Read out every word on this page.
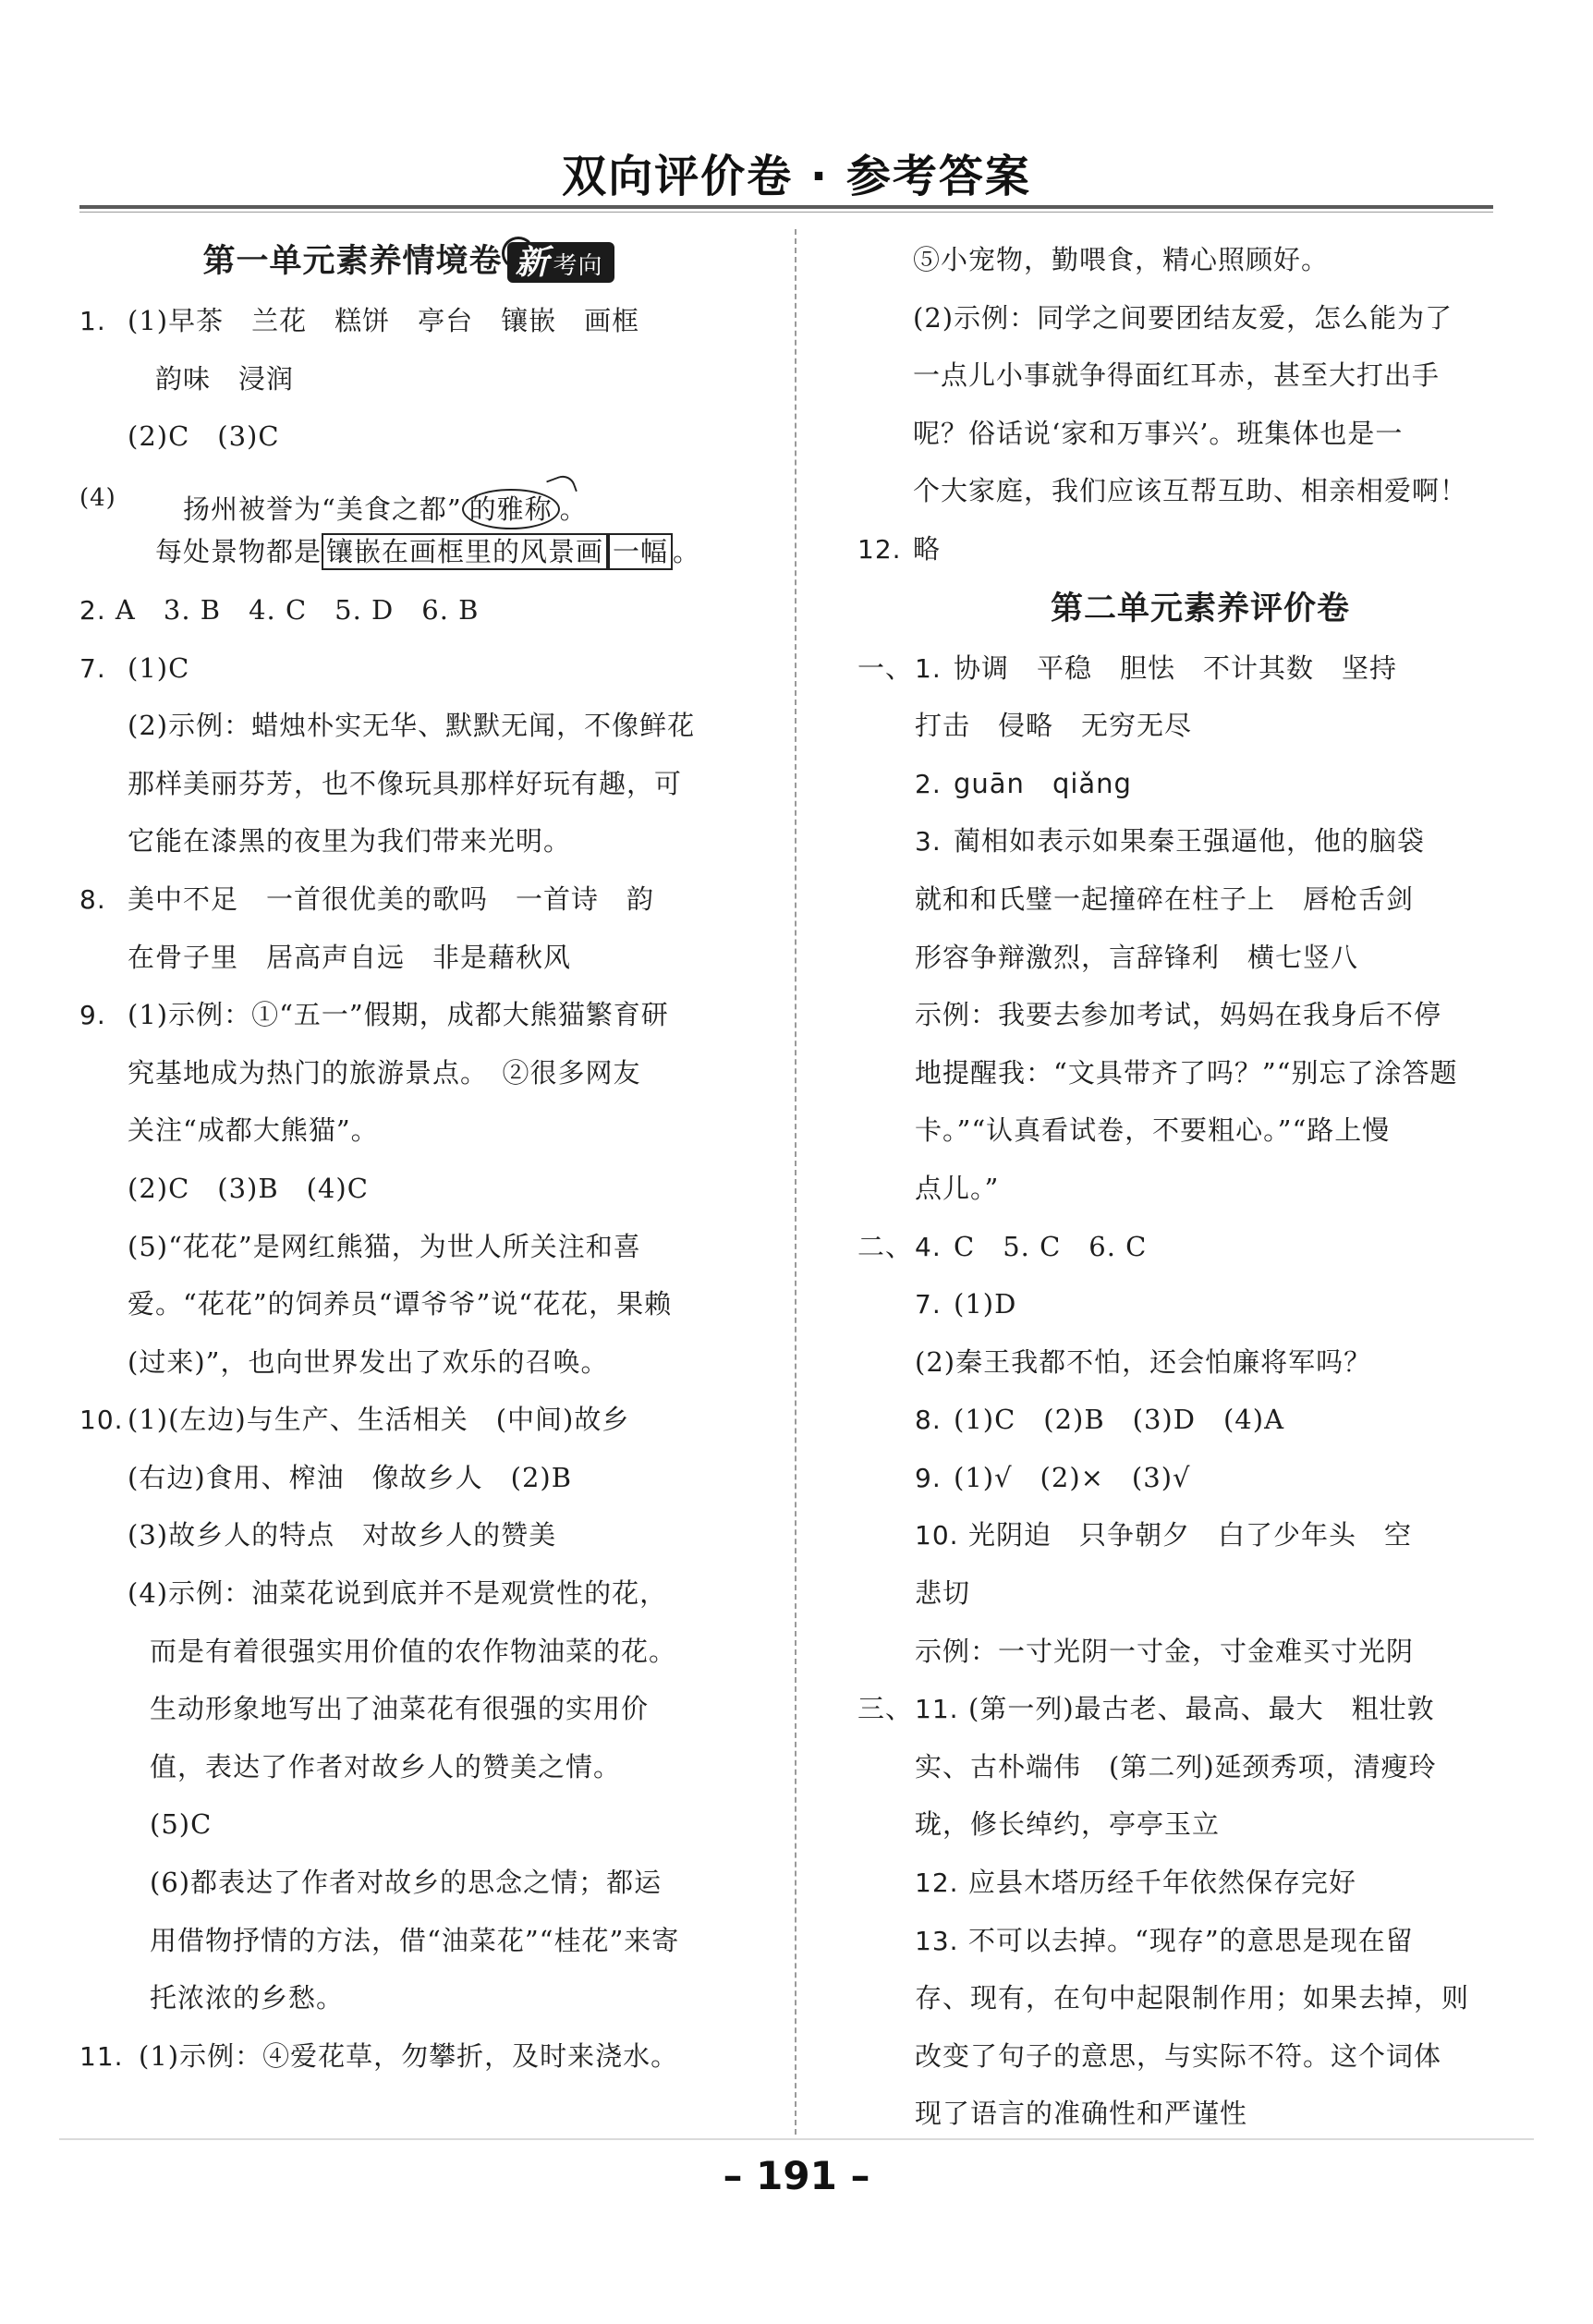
双向评价卷 · 参考答案
第一单元素养情境卷 新 考向
1. (1)早茶　兰花　糕饼　亭台　镶嵌　画框
韵味　浸润
(2)C　(3)C
(4) 扬州被誉为“美食之都” 的雅称 。
每处景物都是 镶嵌在画框里的风景画 一幅 。
2. A　3. B　4. C　5. D　6. B
7. (1)C
(2)示例：蜡烛朴实无华、默默无闻，不像鲜花
那样美丽芬芳，也不像玩具那样好玩有趣，可
它能在漆黑的夜里为我们带来光明。
8. 美中不足　一首很优美的歌吗　一首诗　韵
在骨子里　居高声自远　非是藉秋风
9. (1)示例：①“五一”假期，成都大熊猫繁育研
究基地成为热门的旅游景点。　②很多网友
关注“成都大熊猫”。
(2)C　(3)B　(4)C
(5)“花花”是网红熊猫，为世人所关注和喜
爱。“花花”的饲养员“谭爷爷”说“花花，果赖
(过来)”，也向世界发出了欢乐的召唤。
10. (1)(左边)与生产、生活相关　(中间)故乡
(右边)食用、榨油　像故乡人　(2)B
(3)故乡人的特点　对故乡人的赞美
(4)示例：油菜花说到底并不是观赏性的花，
而是有着很强实用价值的农作物油菜的花。
生动形象地写出了油菜花有很强的实用价
值，表达了作者对故乡人的赞美之情。
(5)C
(6)都表达了作者对故乡的思念之情；都运
用借物抒情的方法，借“油菜花”“桂花”来寄
托浓浓的乡愁。
11. (1)示例：④爱花草，勿攀折，及时来浇水。
⑤小宠物，勤喂食，精心照顾好。
(2)示例：同学之间要团结友爱，怎么能为了
一点儿小事就争得面红耳赤，甚至大打出手
呢？俗话说‘家和万事兴’。班集体也是一
个大家庭，我们应该互帮互助、相亲相爱啊！
12. 略
第二单元素养评价卷
一、1. 协调　平稳　胆怯　不计其数　坚持
打击　侵略　无穷无尽
2. guān　qiǎng
3. 蔺相如表示如果秦王强逼他，他的脑袋
就和和氏璧一起撞碎在柱子上　唇枪舌剑
形容争辩激烈，言辞锋利　横七竖八
示例：我要去参加考试，妈妈在我身后不停
地提醒我：“文具带齐了吗？”“别忘了涂答题
卡。”“认真看试卷，不要粗心。”“路上慢
点儿。”
二、4. C　5. C　6. C
7. (1)D
(2)秦王我都不怕，还会怕廉将军吗？
8. (1)C　(2)B　(3)D　(4)A
9. (1)√　(2)×　(3)√
10. 光阴迫　只争朝夕　白了少年头　空
悲切
示例：一寸光阴一寸金，寸金难买寸光阴
三、11. (第一列)最古老、最高、最大　粗壮敦
实、古朴端伟　(第二列)延颈秀项，清瘦玲
珑，修长绰约，亭亭玉立
12. 应县木塔历经千年依然保存完好
13. 不可以去掉。“现存”的意思是现在留
存、现有，在句中起限制作用；如果去掉，则
改变了句子的意思，与实际不符。这个词体
现了语言的准确性和严谨性
– 191 –
